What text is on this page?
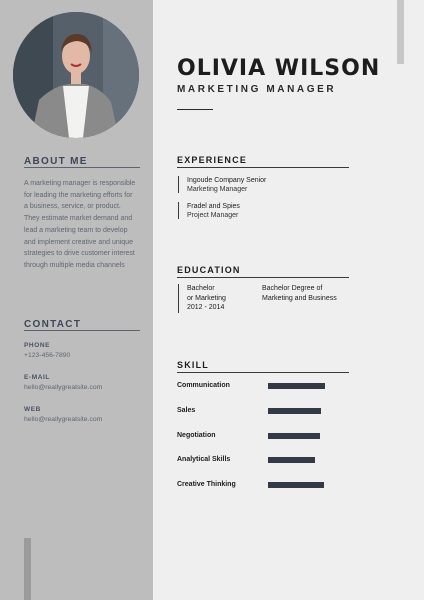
OLIVIA WILSON
MARKETING MANAGER
ABOUT ME
A marketing manager is responsible
for leading the marketing efforts for
a business, service, or product.
They estimate market demand and
lead a marketing team to develop
and implement creative and unique
strategies to drive customer interest
through multiple media channels
CONTACT
PHONE
+123-456-7890
E-MAIL
hello@reallygreatsite.com
WEB
hello@reallygreatsite.com
EXPERIENCE
Ingoude Company Senior
Marketing Manager
Fradel and Spies
Project Manager
EDUCATION
Bachelor
or Marketing
2012 - 2014
Bachelor Degree of
Marketing and Business
SKILL
Communication
Sales
Negotiation
Analytical Skills
Creative Thinking
